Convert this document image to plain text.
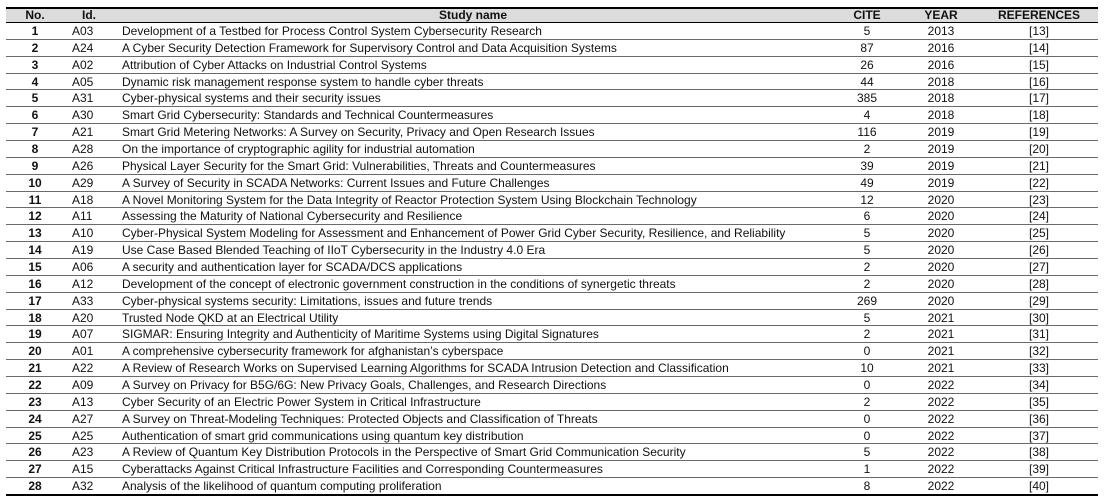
No.	Id.	Study name	CITE	YEAR	REFERENCES
1	A03	Development of a Testbed for Process Control System Cybersecurity Research	5	2013	[13]
2	A24	A Cyber Security Detection Framework for Supervisory Control and Data Acquisition Systems	87	2016	[14]
3	A02	Attribution of Cyber Attacks on Industrial Control Systems	26	2016	[15]
4	A05	Dynamic risk management response system to handle cyber threats	44	2018	[16]
5	A31	Cyber-physical systems and their security issues	385	2018	[17]
6	A30	Smart Grid Cybersecurity: Standards and Technical Countermeasures	4	2018	[18]
7	A21	Smart Grid Metering Networks: A Survey on Security, Privacy and Open Research Issues	116	2019	[19]
8	A28	On the importance of cryptographic agility for industrial automation	2	2019	[20]
9	A26	Physical Layer Security for the Smart Grid: Vulnerabilities, Threats and Countermeasures	39	2019	[21]
10	A29	A Survey of Security in SCADA Networks: Current Issues and Future Challenges	49	2019	[22]
11	A18	A Novel Monitoring System for the Data Integrity of Reactor Protection System Using Blockchain Technology	12	2020	[23]
12	A11	Assessing the Maturity of National Cybersecurity and Resilience	6	2020	[24]
13	A10	Cyber-Physical System Modeling for Assessment and Enhancement of Power Grid Cyber Security, Resilience, and Reliability	5	2020	[25]
14	A19	Use Case Based Blended Teaching of IIoT Cybersecurity in the Industry 4.0 Era	5	2020	[26]
15	A06	A security and authentication layer for SCADA/DCS applications	2	2020	[27]
16	A12	Development of the concept of electronic government construction in the conditions of synergetic threats	2	2020	[28]
17	A33	Cyber-physical systems security: Limitations, issues and future trends	269	2020	[29]
18	A20	Trusted Node QKD at an Electrical Utility	5	2021	[30]
19	A07	SIGMAR: Ensuring Integrity and Authenticity of Maritime Systems using Digital Signatures	2	2021	[31]
20	A01	A comprehensive cybersecurity framework for afghanistan’s cyberspace	0	2021	[32]
21	A22	A Review of Research Works on Supervised Learning Algorithms for SCADA Intrusion Detection and Classification	10	2021	[33]
22	A09	A Survey on Privacy for B5G/6G: New Privacy Goals, Challenges, and Research Directions	0	2022	[34]
23	A13	Cyber Security of an Electric Power System in Critical Infrastructure	2	2022	[35]
24	A27	A Survey on Threat-Modeling Techniques: Protected Objects and Classification of Threats	0	2022	[36]
25	A25	Authentication of smart grid communications using quantum key distribution	0	2022	[37]
26	A23	A Review of Quantum Key Distribution Protocols in the Perspective of Smart Grid Communication Security	5	2022	[38]
27	A15	Cyberattacks Against Critical Infrastructure Facilities and Corresponding Countermeasures	1	2022	[39]
28	A32	Analysis of the likelihood of quantum computing proliferation	8	2022	[40]
